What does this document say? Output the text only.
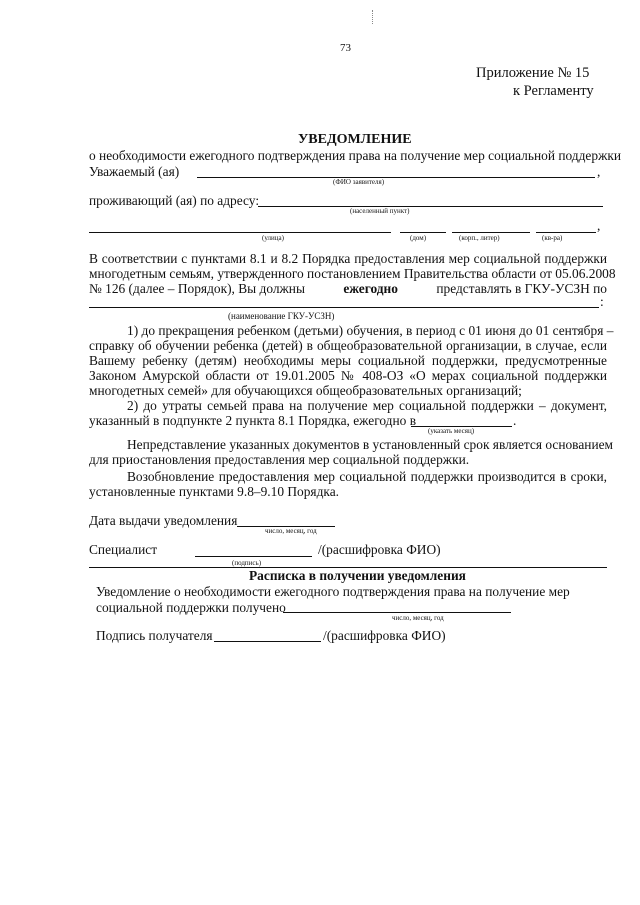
73
Приложение № 15
к Регламенту
УВЕДОМЛЕНИЕ
о необходимости ежегодного подтверждения права на получение мер социальной поддержки
Уважаемый (ая)	,
(ФИО заявителя)
проживающий (ая) по адресу:
(населенный пункт)
,
(улица)	(дом)	(корп., литер)	(кв-ра)
В соответствии с пунктами 8.1 и 8.2 Порядка предоставления мер социальной поддержки
многодетным семьям, утвержденного постановлением Правительства области от 05.06.2008
№ 126 (далее – Порядок), Вы должны	ежегодно	представлять в ГКУ-УСЗН по
:
(наименование ГКУ-УСЗН)
1) до прекращения ребенком (детьми) обучения, в период с 01 июня до 01 сентября –
справку об обучении ребенка (детей) в общеобразовательной организации, в случае, если
Вашему ребенку (детям) необходимы меры социальной поддержки, предусмотренные
Законом Амурской области от 19.01.2005 № 408-ОЗ «О мерах социальной поддержки
многодетных семей» для обучающихся общеобразовательных организаций;
2) до утраты семьей права на получение мер социальной поддержки – документ,
указанный в подпункте 2 пункта 8.1 Порядка, ежегодно в	.
(указать месяц)
Непредставление указанных документов в установленный срок является основанием
для приостановления предоставления мер социальной поддержки.
Возобновление предоставления мер социальной поддержки производится в сроки,
установленные пунктами 9.8–9.10 Порядка.
Дата выдачи уведомления
число, месяц, год
Специалист	/(расшифровка ФИО)
(подпись)
Расписка в получении уведомления
Уведомление о необходимости ежегодного подтверждения права на получение мер
социальной поддержки получено
число, месяц, год
Подпись получателя	/(расшифровка ФИО)
